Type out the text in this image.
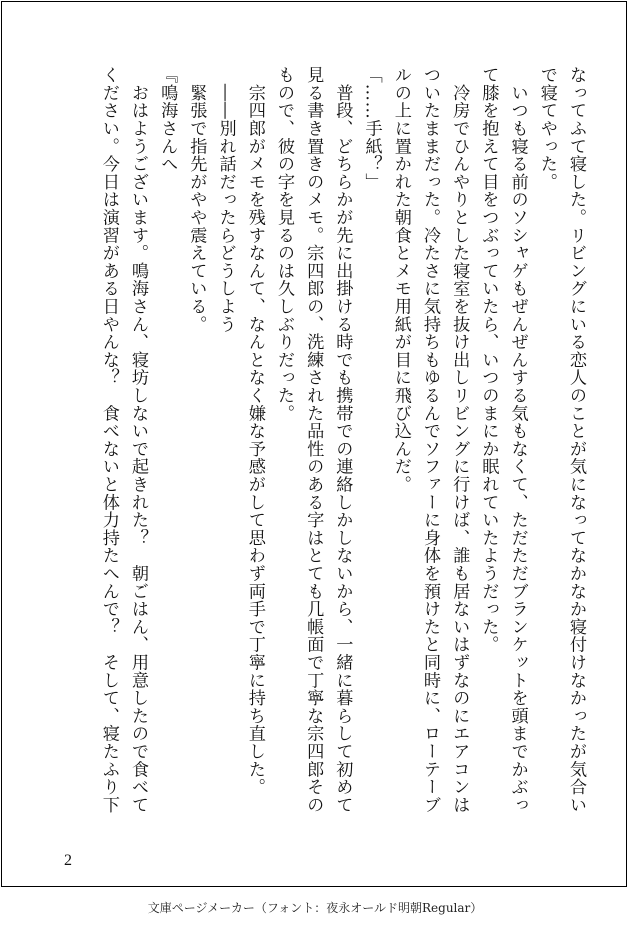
なってふて寝した。リビングにいる恋人のことが気になってなかなか寝付けなかったが気合い
で寝てやった。
　いつも寝る前のソシャゲもぜんぜんする気もなくて、ただただブランケットを頭までかぶっ
て膝を抱えて目をつぶっていたら、いつのまにか眠れていたようだった。
　冷房でひんやりとした寝室を抜け出しリビングに行けば、誰も居ないはずなのにエアコンは
ついたままだった。冷たさに気持ちもゆるんでソファーに身体を預けたと同時に、ローテーブ
ルの上に置かれた朝食とメモ用紙が目に飛び込んだ。
「……手紙？」
　普段、どちらかが先に出掛ける時でも携帯での連絡しかしないから、一緒に暮らして初めて
見る書き置きのメモ。宗四郎の、洗練された品性のある字はとても几帳面で丁寧な宗四郎その
もので、彼の字を見るのは久しぶりだった。
　宗四郎がメモを残すなんて、なんとなく嫌な予感がして思わず両手で丁寧に持ち直した。
　――別れ話だったらどうしよう
　緊張で指先がやや震えている。
『鳴海さんへ
　おはようございます。鳴海さん、寝坊しないで起きれた？　朝ごはん、用意したので食べて
ください。今日は演習がある日やんな？　食べないと体力持たへんで？　そして、寝たふり下
2
文庫ページメーカー（フォント：夜永オールド明朝Regular）
